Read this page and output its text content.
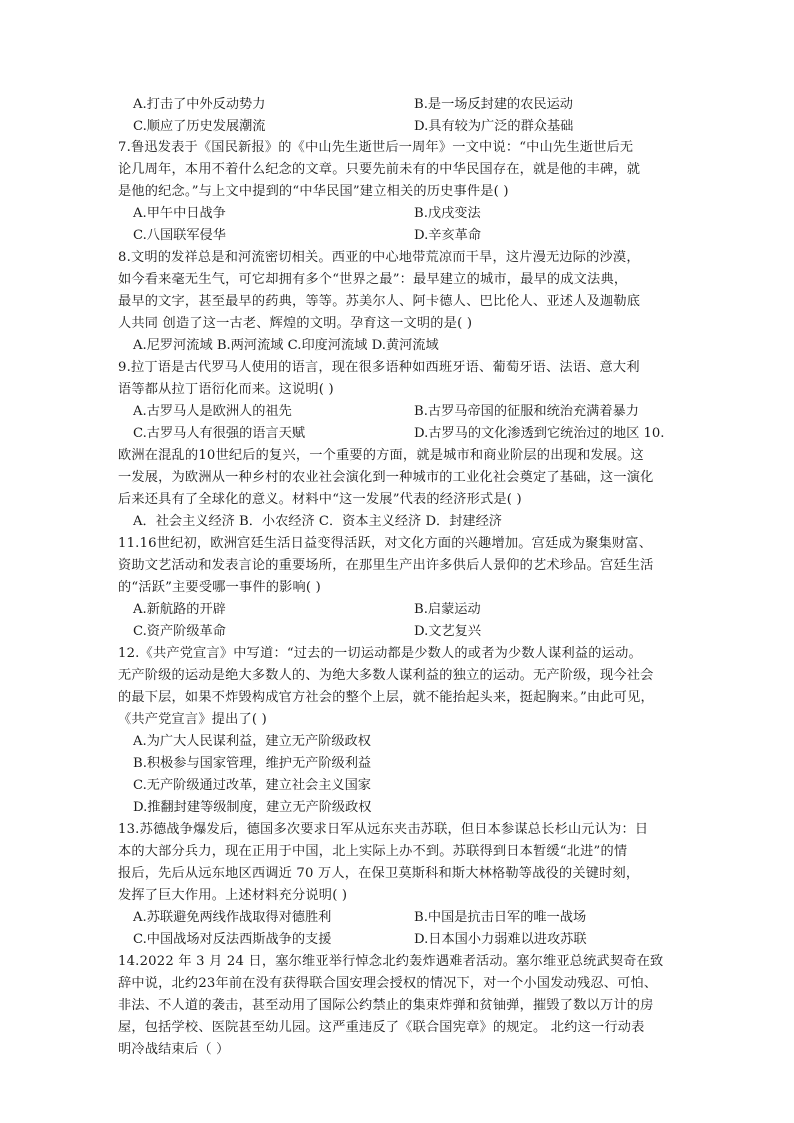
A.打击了中外反动势力	B.是一场反封建的农民运动
C.顺应了历史发展潮流	D.具有较为广泛的群众基础
7.鲁迅发表于《国民新报》的《中山先生逝世后一周年》一文中说：“中山先生逝世后无
论几周年，本用不着什么纪念的文章。只要先前未有的中华民国存在，就是他的丰碑，就
是他的纪念。”与上文中提到的“中华民国”建立相关的历史事件是( )
A.甲午中日战争	B.戊戌变法
C.八国联军侵华	D.辛亥革命
8.文明的发祥总是和河流密切相关。西亚的中心地带荒凉而干旱，这片漫无边际的沙漠，
如今看来毫无生气，可它却拥有多个“世界之最”：最早建立的城市，最早的成文法典，
最早的文字，甚至最早的药典，等等。苏美尔人、阿卡德人、巴比伦人、亚述人及迦勒底
人共同 创造了这一古老、辉煌的文明。孕育这一文明的是( )
A.尼罗河流域 B.两河流域 C.印度河流域 D.黄河流域
9.拉丁语是古代罗马人使用的语言，现在很多语种如西班牙语、葡萄牙语、法语、意大利
语等都从拉丁语衍化而来。这说明( )
A.古罗马人是欧洲人的祖先	B.古罗马帝国的征服和统治充满着暴力
C.古罗马人有很强的语言天赋	D.古罗马的文化渗透到它统治过的地区 10.
欧洲在混乱的10世纪后的复兴，一个重要的方面，就是城市和商业阶层的出现和发展。这
一发展，为欧洲从一种乡村的农业社会演化到一种城市的工业化社会奠定了基础，这一演化
后来还具有了全球化的意义。材料中“这一发展”代表的经济形式是( )
A．社会主义经济 B．小农经济 C．资本主义经济 D．封建经济
11.16世纪初，欧洲宫廷生活日益变得活跃，对文化方面的兴趣增加。宫廷成为聚集财富、
资助文艺活动和发表言论的重要场所，在那里生产出许多供后人景仰的艺术珍品。宫廷生活
的“活跃”主要受哪一事件的影响( )
A.新航路的开辟	B.启蒙运动
C.资产阶级革命	D.文艺复兴
12.《共产党宣言》中写道：“过去的一切运动都是少数人的或者为少数人谋利益的运动。
无产阶级的运动是绝大多数人的、为绝大多数人谋利益的独立的运动。无产阶级，现今社会
的最下层，如果不炸毁构成官方社会的整个上层，就不能抬起头来，挺起胸来。”由此可见，
《共产党宣言》提出了( )
A.为广大人民谋利益，建立无产阶级政权
B.积极参与国家管理，维护无产阶级利益
C.无产阶级通过改革，建立社会主义国家
D.推翻封建等级制度，建立无产阶级政权
13.苏德战争爆发后，德国多次要求日军从远东夹击苏联，但日本参谋总长杉山元认为：日
本的大部分兵力，现在正用于中国，北上实际上办不到。苏联得到日本暂缓“北进”的情
报后，先后从远东地区西调近 70 万人，在保卫莫斯科和斯大林格勒等战役的关键时刻，
发挥了巨大作用。上述材料充分说明( )
A.苏联避免两线作战取得对德胜利	B.中国是抗击日军的唯一战场
C.中国战场对反法西斯战争的支援	D.日本国小力弱难以进攻苏联
14.2022 年 3 月 24 日，塞尔维亚举行悼念北约轰炸遇难者活动。塞尔维亚总统武契奇在致
辞中说，北约23年前在没有获得联合国安理会授权的情况下，对一个小国发动残忍、可怕、
非法、不人道的袭击，甚至动用了国际公约禁止的集束炸弹和贫铀弹，摧毁了数以万计的房
屋，包括学校、医院甚至幼儿园。这严重违反了《联合国宪章》的规定。 北约这一行动表
明冷战结束后（ ）
